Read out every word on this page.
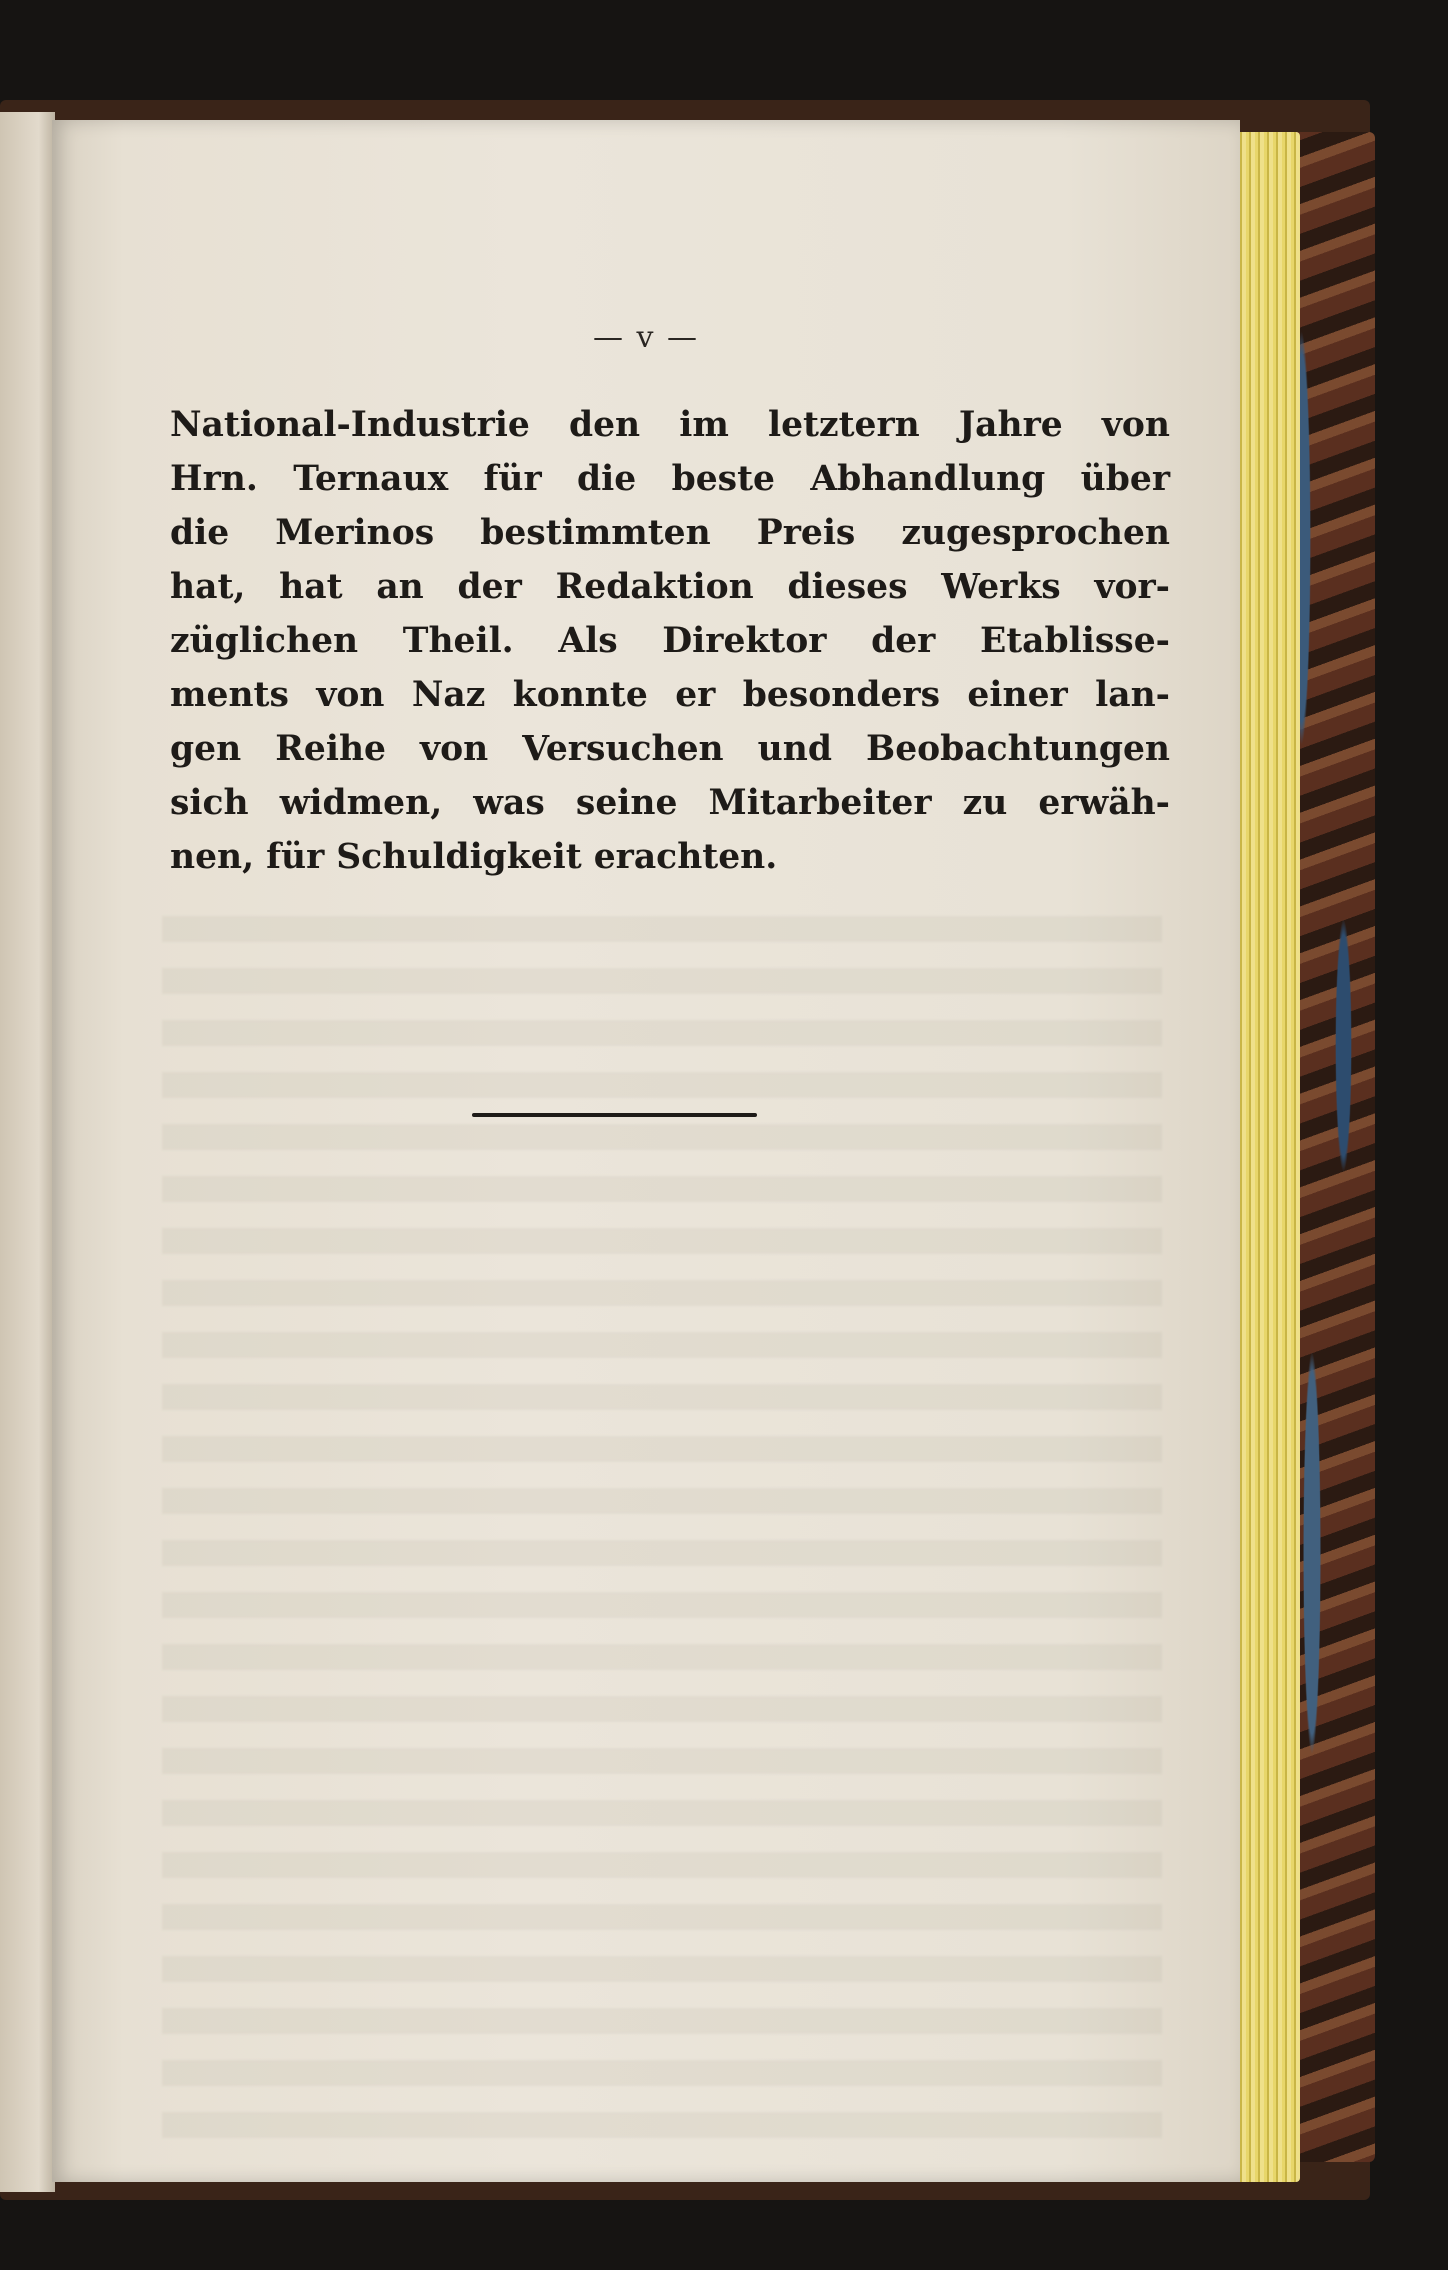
— v —
National-Industrie den im letztern Jahre von
Hrn. Ternaux für die beste Abhandlung über
die Merinos bestimmten Preis zugesprochen
hat, hat an der Redaktion dieses Werks vor-
züglichen Theil. Als Direktor der Etablisse-
ments von Naz konnte er besonders einer lan-
gen Reihe von Versuchen und Beobachtungen
sich widmen, was seine Mitarbeiter zu erwäh-
nen, für Schuldigkeit erachten.
